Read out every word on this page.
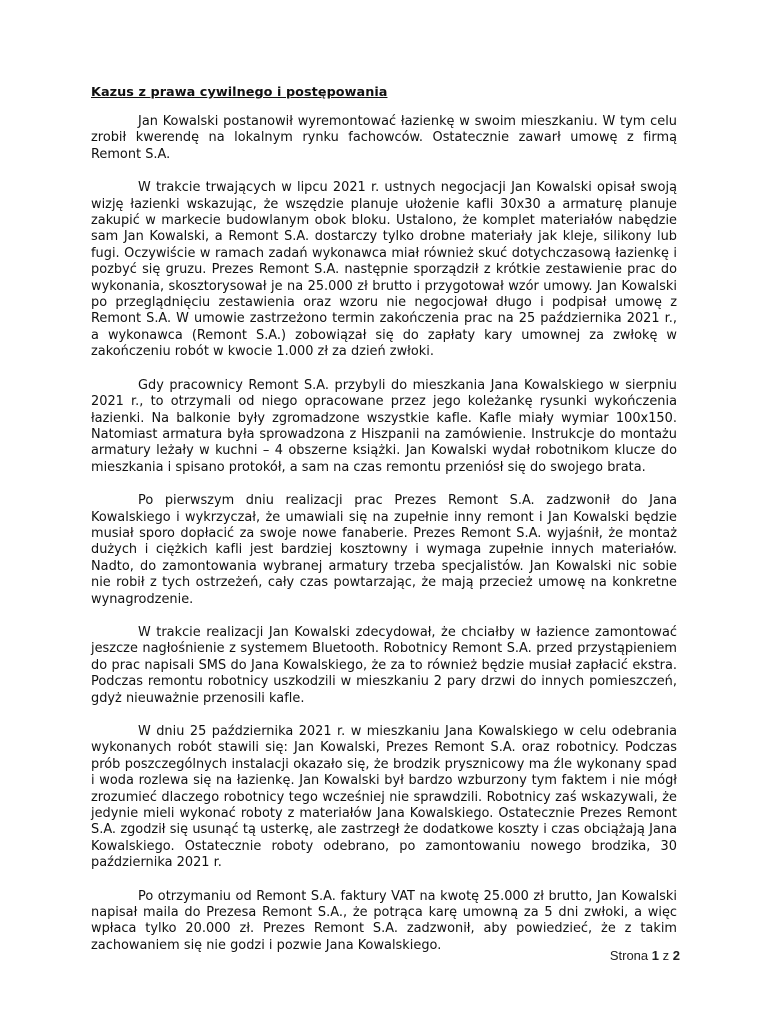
Kazus z prawa cywilnego i postępowania

Jan Kowalski postanowił wyremontować łazienkę w swoim mieszkaniu. W tym celu zrobił kwerendę na lokalnym rynku fachowców. Ostatecznie zawarł umowę z firmą Remont S.A.

W trakcie trwających w lipcu 2021 r. ustnych negocjacji Jan Kowalski opisał swoją wizję łazienki wskazując, że wszędzie planuje ułożenie kafli 30x30 a armaturę planuje zakupić w markecie budowlanym obok bloku. Ustalono, że komplet materiałów nabędzie sam Jan Kowalski, a Remont S.A. dostarczy tylko drobne materiały jak kleje, silikony lub fugi. Oczywiście w ramach zadań wykonawca miał również skuć dotychczasową łazienkę i pozbyć się gruzu. Prezes Remont S.A. następnie sporządził z krótkie zestawienie prac do wykonania, skosztorysował je na 25.000 zł brutto i przygotował wzór umowy. Jan Kowalski po przeglądnięciu zestawienia oraz wzoru nie negocjował długo i podpisał umowę z Remont S.A. W umowie zastrzeżono termin zakończenia prac na 25 października 2021 r., a wykonawca (Remont S.A.) zobowiązał się do zapłaty kary umownej za zwłokę w zakończeniu robót w kwocie 1.000 zł za dzień zwłoki.

Gdy pracownicy Remont S.A. przybyli do mieszkania Jana Kowalskiego w sierpniu 2021 r., to otrzymali od niego opracowane przez jego koleżankę rysunki wykończenia łazienki. Na balkonie były zgromadzone wszystkie kafle. Kafle miały wymiar 100x150. Natomiast armatura była sprowadzona z Hiszpanii na zamówienie. Instrukcje do montażu armatury leżały w kuchni – 4 obszerne książki. Jan Kowalski wydał robotnikom klucze do mieszkania i spisano protokół, a sam na czas remontu przeniósł się do swojego brata.

Po pierwszym dniu realizacji prac Prezes Remont S.A. zadzwonił do Jana Kowalskiego i wykrzyczał, że umawiali się na zupełnie inny remont i Jan Kowalski będzie musiał sporo dopłacić za swoje nowe fanaberie. Prezes Remont S.A. wyjaśnił, że montaż dużych i ciężkich kafli jest bardziej kosztowny i wymaga zupełnie innych materiałów. Nadto, do zamontowania wybranej armatury trzeba specjalistów. Jan Kowalski nic sobie nie robił z tych ostrzeżeń, cały czas powtarzając, że mają przecież umowę na konkretne wynagrodzenie.

W trakcie realizacji Jan Kowalski zdecydował, że chciałby w łazience zamontować jeszcze nagłośnienie z systemem Bluetooth. Robotnicy Remont S.A. przed przystąpieniem do prac napisali SMS do Jana Kowalskiego, że za to również będzie musiał zapłacić ekstra. Podczas remontu robotnicy uszkodzili w mieszkaniu 2 pary drzwi do innych pomieszczeń, gdyż nieuważnie przenosili kafle.

W dniu 25 października 2021 r. w mieszkaniu Jana Kowalskiego w celu odebrania wykonanych robót stawili się: Jan Kowalski, Prezes Remont S.A. oraz robotnicy. Podczas prób poszczególnych instalacji okazało się, że brodzik prysznicowy ma źle wykonany spad i woda rozlewa się na łazienkę. Jan Kowalski był bardzo wzburzony tym faktem i nie mógł zrozumieć dlaczego robotnicy tego wcześniej nie sprawdzili. Robotnicy zaś wskazywali, że jedynie mieli wykonać roboty z materiałów Jana Kowalskiego. Ostatecznie Prezes Remont S.A. zgodził się usunąć tą usterkę, ale zastrzegł że dodatkowe koszty i czas obciążają Jana Kowalskiego. Ostatecznie roboty odebrano, po zamontowaniu nowego brodzika, 30 października 2021 r.

Po otrzymaniu od Remont S.A. faktury VAT na kwotę 25.000 zł brutto, Jan Kowalski napisał maila do Prezesa Remont S.A., że potrąca karę umowną za 5 dni zwłoki, a więc wpłaca tylko 20.000 zł. Prezes Remont S.A. zadzwonił, aby powiedzieć, że z takim zachowaniem się nie godzi i pozwie Jana Kowalskiego.

Strona 1 z 2
